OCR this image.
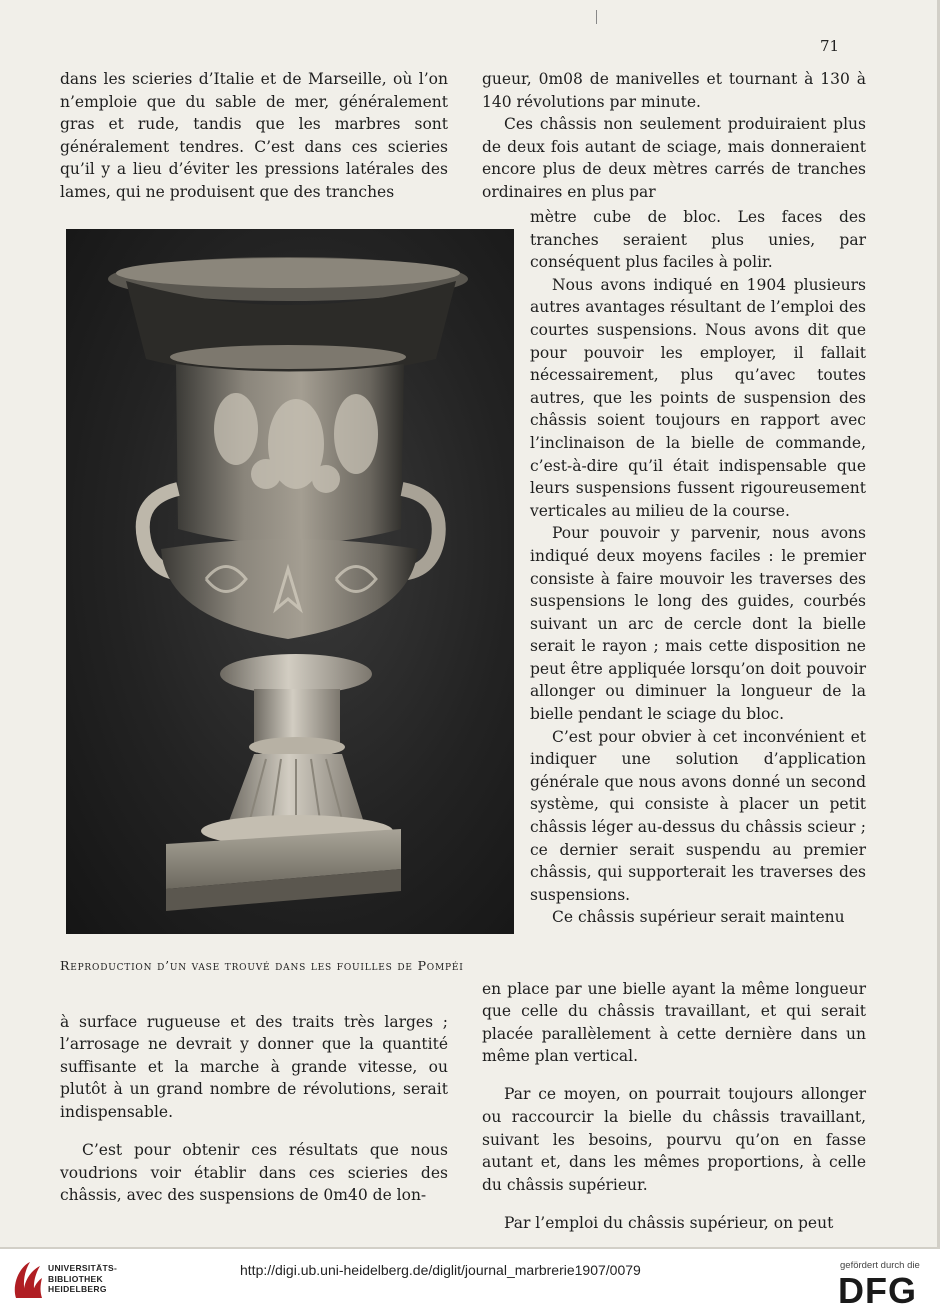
71

dans les scieries d’Italie et de Marseille, où l’on n’emploie que du sable de mer, généralement gras et rude, tandis que les marbres sont généralement tendres. C’est dans ces scieries qu’il y a lieu d’éviter les pressions latérales des lames, qui ne produisent que des tranches

Reproduction d’un vase trouvé dans les fouilles de Pompéi

à surface rugueuse et des traits très larges ; l’arrosage ne devrait y donner que la quantité suffisante et la marche à grande vitesse, ou plutôt à un grand nombre de révolutions, serait indispensable.

C’est pour obtenir ces résultats que nous voudrions voir établir dans ces scieries des châssis, avec des suspensions de 0m40 de lon-

gueur, 0m08 de manivelles et tournant à 130 à 140 révolutions par minute.

Ces châssis non seulement produiraient plus de deux fois autant de sciage, mais donneraient encore plus de deux mètres carrés de tranches ordinaires en plus par

mètre cube de bloc. Les faces des tranches seraient plus unies, par conséquent plus faciles à polir.

Nous avons indiqué en 1904 plusieurs autres avantages résultant de l’emploi des courtes suspensions. Nous avons dit que pour pouvoir les employer, il fallait nécessairement, plus qu’avec toutes autres, que les points de suspension des châssis soient toujours en rapport avec l’inclinaison de la bielle de commande, c’est-à-dire qu’il était indispensable que leurs suspensions fussent rigoureusement verticales au milieu de la course.

Pour pouvoir y parvenir, nous avons indiqué deux moyens faciles : le premier consiste à faire mouvoir les traverses des suspensions le long des guides, courbés suivant un arc de cercle dont la bielle serait le rayon ; mais cette disposition ne peut être appliquée lorsqu’on doit pouvoir allonger ou diminuer la longueur de la bielle pendant le sciage du bloc.

C’est pour obvier à cet inconvénient et indiquer une solution d’application générale que nous avons donné un second système, qui consiste à placer un petit châssis léger au-dessus du châssis scieur ; ce dernier serait suspendu au premier châssis, qui supporterait les traverses des suspensions.

Ce châssis supérieur serait maintenu

en place par une bielle ayant la même longueur que celle du châssis travaillant, et qui serait placée parallèlement à cette dernière dans un même plan vertical.

Par ce moyen, on pourrait toujours allonger ou raccourcir la bielle du châssis travaillant, suivant les besoins, pourvu qu’on en fasse autant et, dans les mêmes proportions, à celle du châssis supérieur.

Par l’emploi du châssis supérieur, on peut

UNIVERSITÄTS-
BIBLIOTHEK
HEIDELBERG
http://digi.ub.uni-heidelberg.de/diglit/journal_marbrerie1907/0079	gefördert durch die
DFG
